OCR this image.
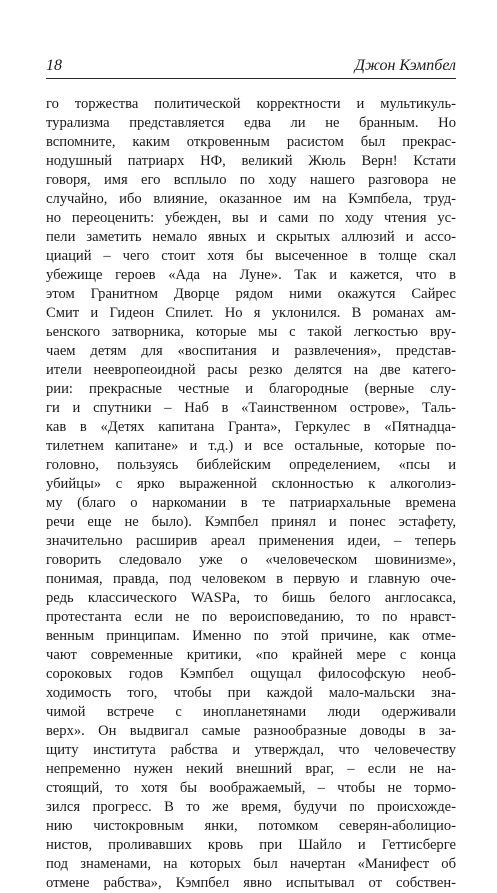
18	Джон Кэмпбел
го торжества политической корректности и мультикуль-
турализма представляется едва ли не бранным. Но
вспомните, каким откровенным расистом был прекрас-
нодушный патриарх НФ, великий Жюль Верн! Кстати
говоря, имя его всплыло по ходу нашего разговора не
случайно, ибо влияние, оказанное им на Кэмпбела, труд-
но переоценить: убежден, вы и сами по ходу чтения ус-
пели заметить немало явных и скрытых аллюзий и ассо-
циаций – чего стоит хотя бы высеченное в толще скал
убежище героев «Ада на Луне». Так и кажется, что в
этом Гранитном Дворце рядом ними окажутся Сайрес
Смит и Гидеон Спилет. Но я уклонился. В романах ам-
ьенского затворника, которые мы с такой легкостью вру-
чаем детям для «воспитания и развлечения», представ-
ители неевропеоидной расы резко делятся на две катего-
рии: прекрасные честные и благородные (верные слу-
ги и спутники – Наб в «Таинственном острове», Таль-
кав в «Детях капитана Гранта», Геркулес в «Пятнадца-
тилетнем капитане» и т.д.) и все остальные, которые по-
головно, пользуясь библейским определением, «псы и
убийцы» с ярко выраженной склонностью к алкоголиз-
му (благо о наркомании в те патриархальные времена
речи еще не было). Кэмпбел принял и понес эстафету,
значительно расширив ареал применения идеи, – теперь
говорить следовало уже о «человеческом шовинизме»,
понимая, правда, под человеком в первую и главную оче-
редь классического WASPа, то бишь белого англосакса,
протестанта если не по вероисповеданию, то по нравст-
венным принципам. Именно по этой причине, как отме-
чают современные критики, «по крайней мере с конца
сороковых годов Кэмпбел ощущал философскую необ-
ходимость того, чтобы при каждой мало-мальски зна-
чимой встрече с инопланетянами люди одерживали
верх». Он выдвигал самые разнообразные доводы в за-
щиту института рабства и утверждал, что человечеству
непременно нужен некий внешний враг, – если не на-
стоящий, то хотя бы воображаемый, – чтобы не тормо-
зился прогресс. В то же время, будучи по происхожде-
нию чистокровным янки, потомком северян-аболицио-
нистов, проливавших кровь при Шайло и Геттисберге
под знаменами, на которых был начертан «Манифест об
отмене рабства», Кэмпбел явно испытывал от собствен-
